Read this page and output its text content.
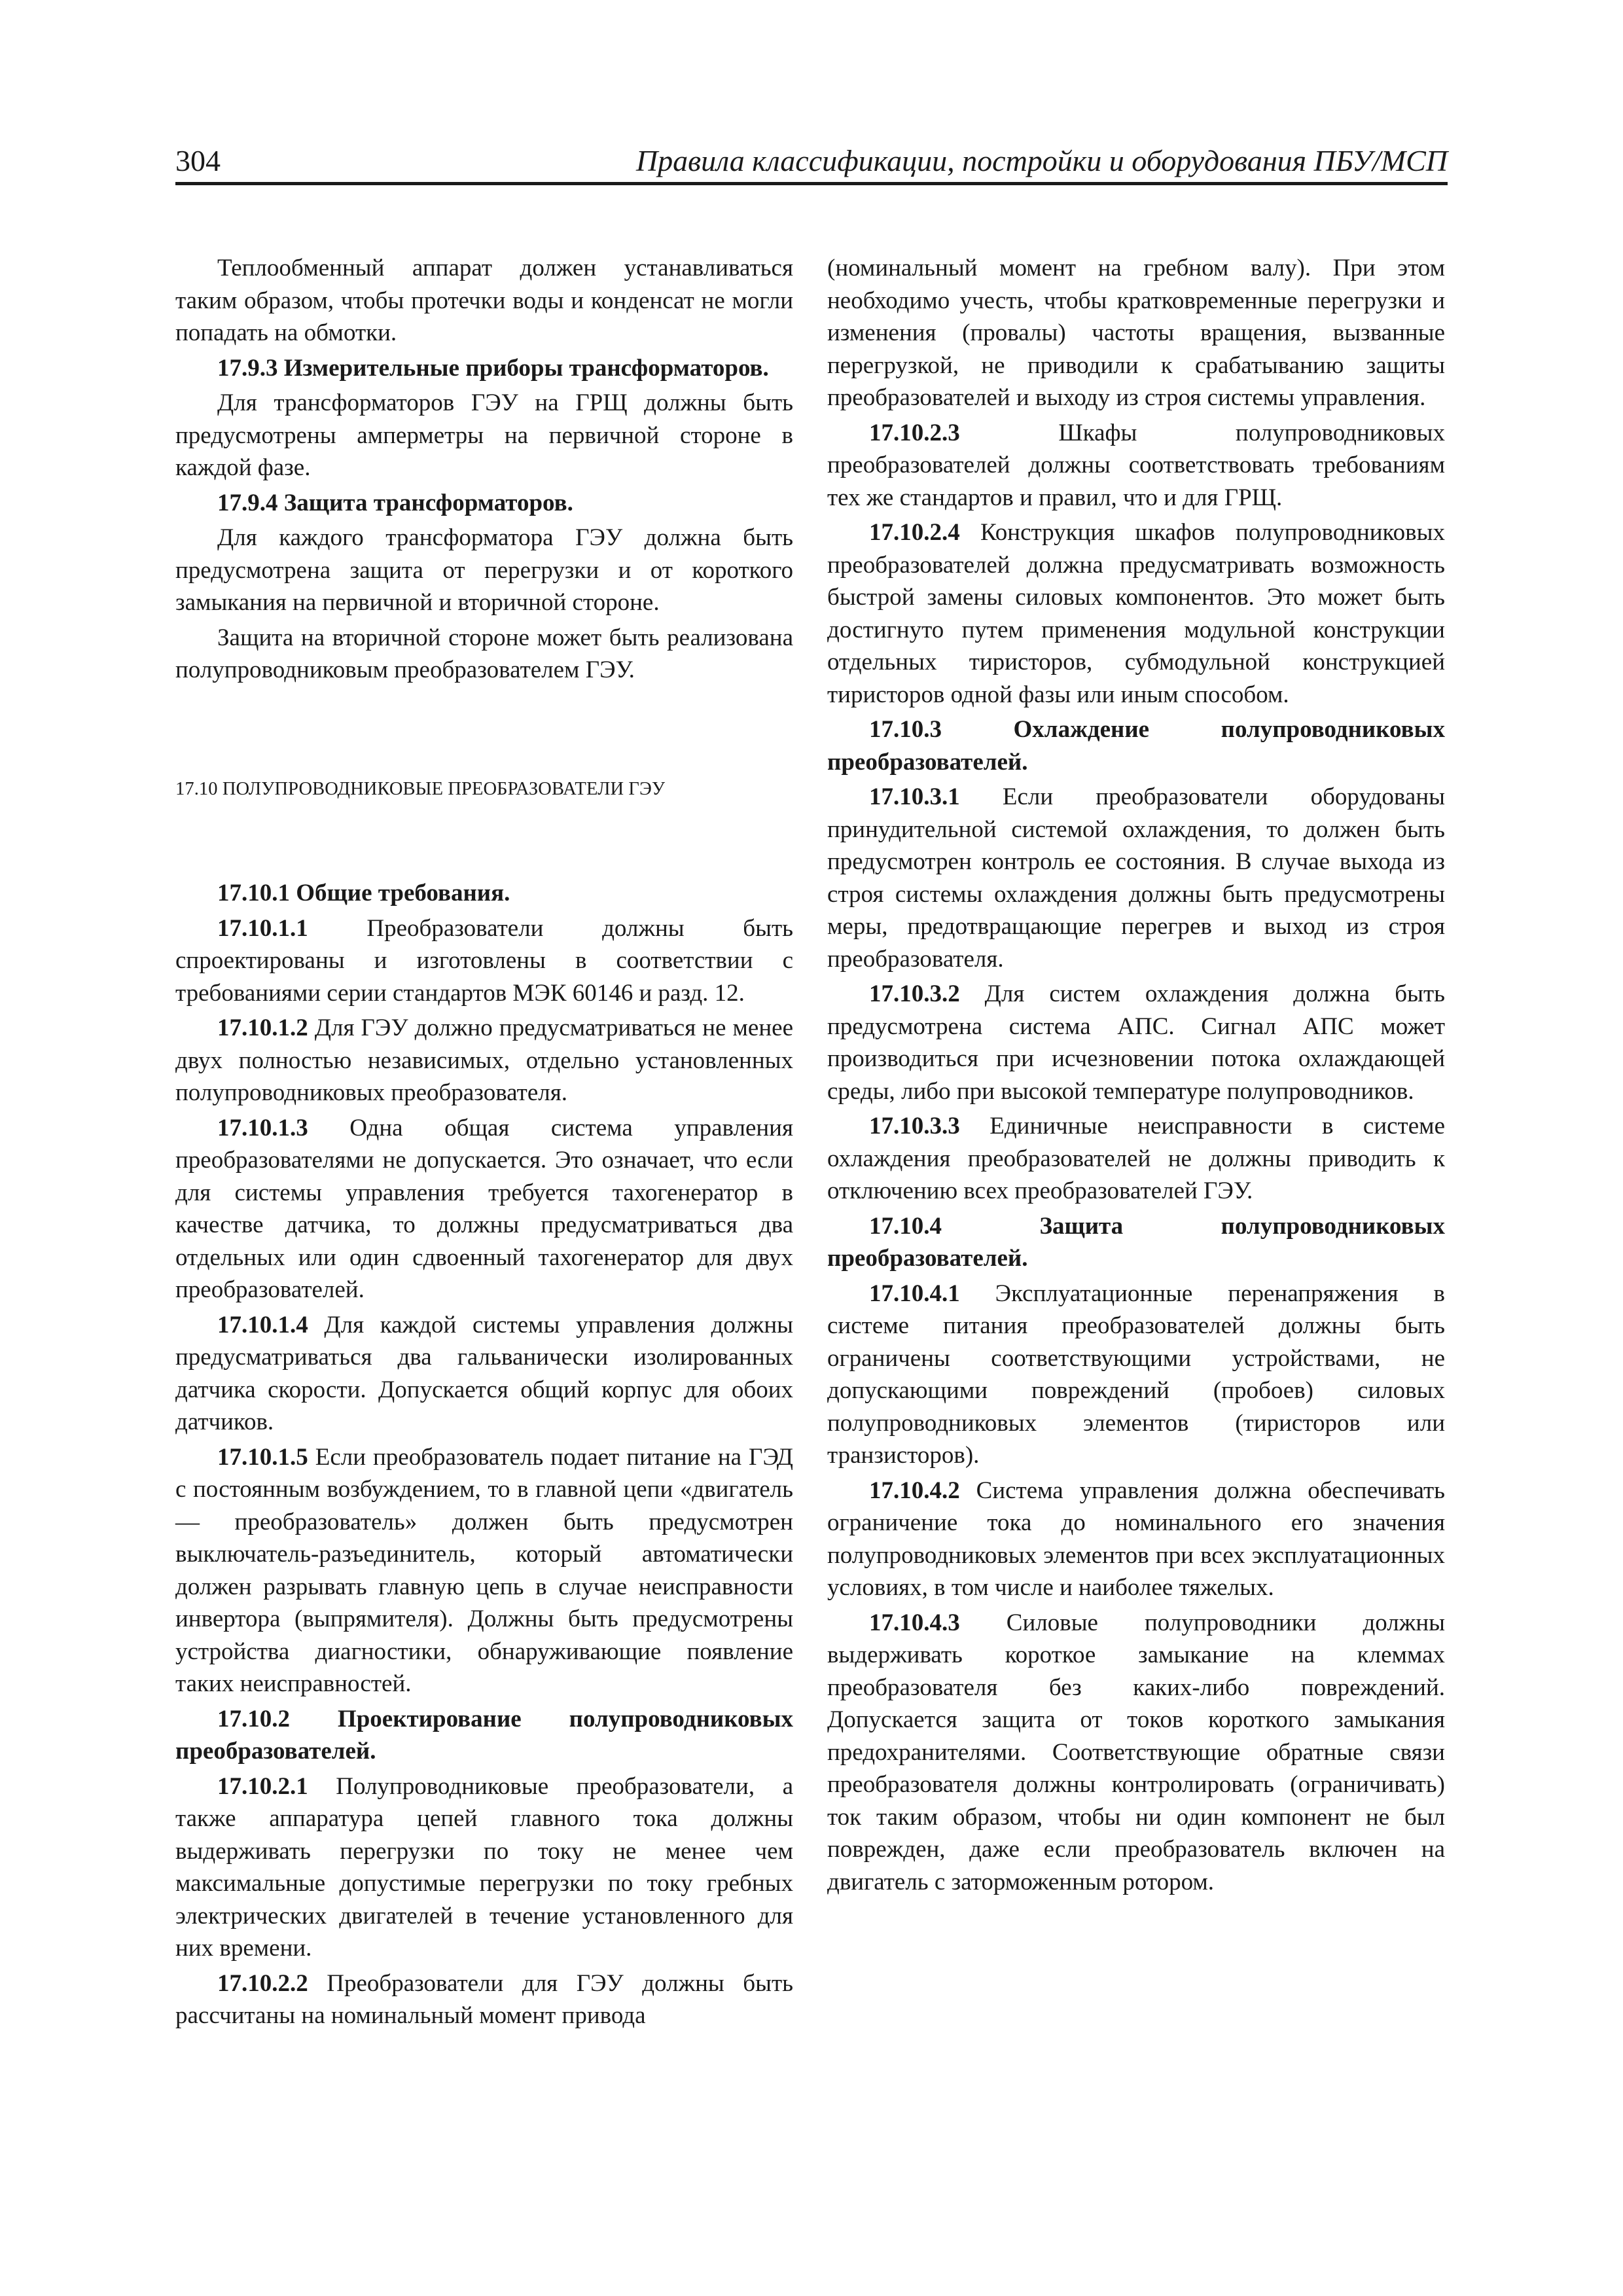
304	Правила классификации, постройки и оборудования ПБУ/МСП

Теплообменный аппарат должен устанавливаться таким образом, чтобы протечки воды и конденсат не могли попадать на обмотки.

17.9.3 Измерительные приборы трансформаторов.

Для трансформаторов ГЭУ на ГРЩ должны быть предусмотрены амперметры на первичной стороне в каждой фазе.

17.9.4 Защита трансформаторов.

Для каждого трансформатора ГЭУ должна быть предусмотрена защита от перегрузки и от короткого замыкания на первичной и вторичной стороне.

Защита на вторичной стороне может быть реализована полупроводниковым преобразователем ГЭУ.

17.10 ПОЛУПРОВОДНИКОВЫЕ ПРЕОБРАЗОВАТЕЛИ ГЭУ

17.10.1 Общие требования.

17.10.1.1 Преобразователи должны быть спроектированы и изготовлены в соответствии с требованиями серии стандартов МЭК 60146 и разд. 12.

17.10.1.2 Для ГЭУ должно предусматриваться не менее двух полностью независимых, отдельно установленных полупроводниковых преобразователя.

17.10.1.3 Одна общая система управления преобразователями не допускается. Это означает, что если для системы управления требуется тахогенератор в качестве датчика, то должны предусматриваться два отдельных или один сдвоенный тахогенератор для двух преобразователей.

17.10.1.4 Для каждой системы управления должны предусматриваться два гальванически изолированных датчика скорости. Допускается общий корпус для обоих датчиков.

17.10.1.5 Если преобразователь подает питание на ГЭД с постоянным возбуждением, то в главной цепи «двигатель — преобразователь» должен быть предусмотрен выключатель-разъединитель, который автоматически должен разрывать главную цепь в случае неисправности инвертора (выпрямителя). Должны быть предусмотрены устройства диагностики, обнаруживающие появление таких неисправностей.

17.10.2 Проектирование полупроводниковых преобразователей.

17.10.2.1 Полупроводниковые преобразователи, а также аппаратура цепей главного тока должны выдерживать перегрузки по току не менее чем максимальные допустимые перегрузки по току гребных электрических двигателей в течение установленного для них времени.

17.10.2.2 Преобразователи для ГЭУ должны быть рассчитаны на номинальный момент привода

(номинальный момент на гребном валу). При этом необходимо учесть, чтобы кратковременные перегрузки и изменения (провалы) частоты вращения, вызванные перегрузкой, не приводили к срабатыванию защиты преобразователей и выходу из строя системы управления.

17.10.2.3 Шкафы полупроводниковых преобразователей должны соответствовать требованиям тех же стандартов и правил, что и для ГРЩ.

17.10.2.4 Конструкция шкафов полупроводниковых преобразователей должна предусматривать возможность быстрой замены силовых компонентов. Это может быть достигнуто путем применения модульной конструкции отдельных тиристоров, субмодульной конструкцией тиристоров одной фазы или иным способом.

17.10.3 Охлаждение полупроводниковых преобразователей.

17.10.3.1 Если преобразователи оборудованы принудительной системой охлаждения, то должен быть предусмотрен контроль ее состояния. В случае выхода из строя системы охлаждения должны быть предусмотрены меры, предотвращающие перегрев и выход из строя преобразователя.

17.10.3.2 Для систем охлаждения должна быть предусмотрена система АПС. Сигнал АПС может производиться при исчезновении потока охлаждающей среды, либо при высокой температуре полупроводников.

17.10.3.3 Единичные неисправности в системе охлаждения преобразователей не должны приводить к отключению всех преобразователей ГЭУ.

17.10.4 Защита полупроводниковых преобразователей.

17.10.4.1 Эксплуатационные перенапряжения в системе питания преобразователей должны быть ограничены соответствующими устройствами, не допускающими повреждений (пробоев) силовых полупроводниковых элементов (тиристоров или транзисторов).

17.10.4.2 Система управления должна обеспечивать ограничение тока до номинального его значения полупроводниковых элементов при всех эксплуатационных условиях, в том числе и наиболее тяжелых.

17.10.4.3 Силовые полупроводники должны выдерживать короткое замыкание на клеммах преобразователя без каких-либо повреждений. Допускается защита от токов короткого замыкания предохранителями. Соответствующие обратные связи преобразователя должны контролировать (ограничивать) ток таким образом, чтобы ни один компонент не был поврежден, даже если преобразователь включен на двигатель с заторможенным ротором.
